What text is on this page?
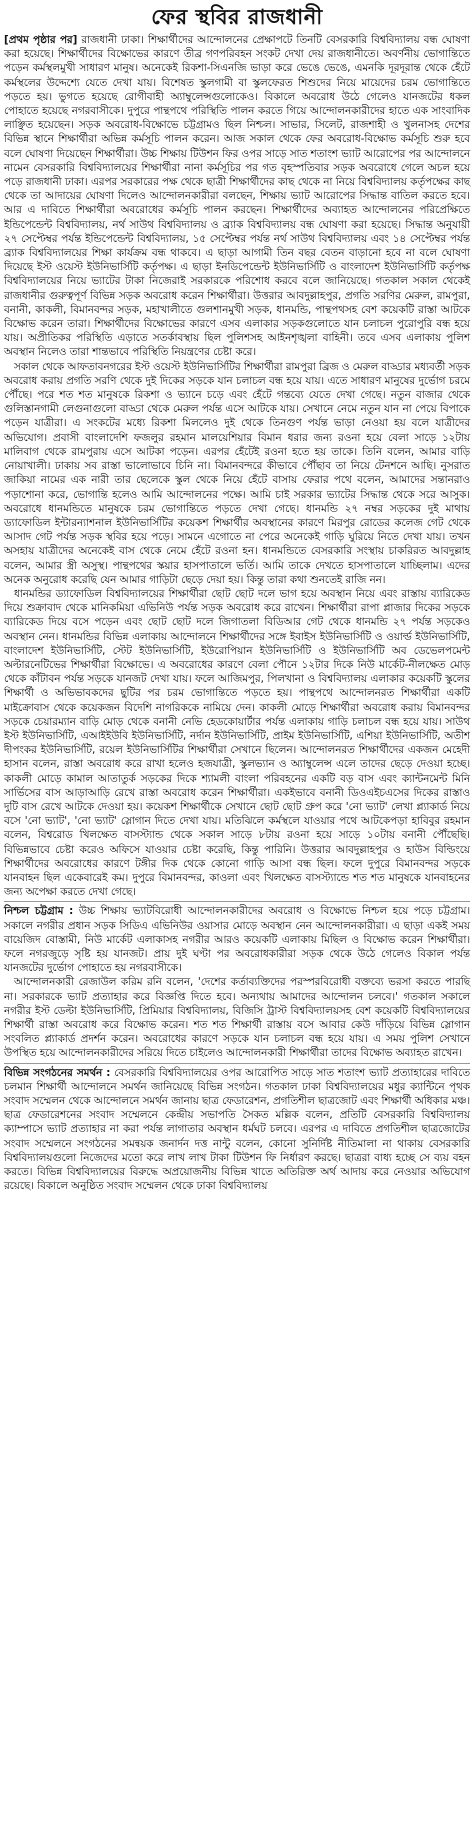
ফের স্থবির রাজধানী

[প্রথম পৃষ্ঠার পর] রাজধানী ঢাকা। শিক্ষার্থীদের আন্দোলনের প্রেক্ষাপটে তিনটি বেসরকারি বিশ্ববিদ্যালয় বন্ধ ঘোষণা করা হয়েছে। শিক্ষার্থীদের বিক্ষোভের কারণে তীব্র গণপরিবহন সংকট দেখা দেয় রাজধানীতে। অবর্ণনীয় ভোগান্তিতে পড়েন কর্মস্থলমুখী সাধারণ মানুষ। অনেকেই রিকশা-সিএনজি ভাড়া করে ভেঙে ভেঙে, এমনকি দূরদূরান্ত থেকে হেঁটে কর্মস্থলের উদ্দেশ্যে যেতে দেখা যায়। বিশেষত স্কুলগামী বা স্কুলফেরত শিশুদের নিয়ে মায়েদের চরম ভোগান্তিতে পড়তে হয়। ভুগতে হয়েছে রোগীবাহী অ্যাম্বুলেন্সগুলোকেও। বিকালে অবরোধ উঠে গেলেও যানজটের ধকল পোহাতে হয়েছে নগরবাসীকে। দুপুরে পান্থপথে পরিস্থিতি পালন করতে গিয়ে আন্দোলনকারীদের হাতে এক সাংবাদিক লাঞ্ছিত হয়েছেন। সড়ক অবরোধ-বিক্ষোভে চট্টগ্রামও ছিল নিশ্চল। সাভার, সিলেট, রাজশাহী ও খুলনাসহ দেশের বিভিন্ন স্থানে শিক্ষার্থীরা অভিন্ন কর্মসূচি পালন করেন। আজ সকাল থেকে ফের অবরোধ-বিক্ষোভ কর্মসূচি শুরু হবে বলে ঘোষণা দিয়েছেন শিক্ষার্থীরা। উচ্চ শিক্ষায় টিউশন ফির ওপর সাড়ে সাত শতাংশ ভ্যাট আরোপের পর আন্দোলনে নামেন বেসরকারি বিশ্ববিদ্যালয়ের শিক্ষার্থীরা নানা কর্মসূচির পর গত বৃহস্পতিবার সড়ক অবরোধে গেলে অচল হয়ে পড়ে রাজধানী ঢাকা। এরপর সরকারের পক্ষ থেকে ছাত্রী শিক্ষার্থীদের কাছ থেকে না নিয়ে বিশ্ববিদ্যালয় কর্তৃপক্ষের কাছ থেকে তা আদায়ের ঘোষণা দিলেও আন্দোলনকারীরা বলছেন, শিক্ষায় ভ্যাট আরোপের সিদ্ধান্ত বাতিল করতে হবে। আর এ দাবিতে শিক্ষার্থীরা অবরোধের কর্মসূচি পালন করছেন। শিক্ষার্থীদের অব্যাহত আন্দোলনের পরিপ্রেক্ষিতে ইন্ডিপেন্ডেন্ট বিশ্ববিদ্যালয়, নর্থ সাউথ বিশ্ববিদ্যালয় ও ব্র্যাক বিশ্ববিদ্যালয় বন্ধ ঘোষণা করা হয়েছে। সিদ্ধান্ত অনুযায়ী ২৭ সেপ্টেম্বর পর্যন্ত ইন্ডিপেন্ডেন্ট বিশ্ববিদ্যালয়, ১৫ সেপ্টেম্বর পর্যন্ত নর্থ সাউথ বিশ্ববিদ্যালয় এবং ১৪ সেপ্টেম্বর পর্যন্ত ব্র্যাক বিশ্ববিদ্যালয়ের শিক্ষা কার্যক্রম বন্ধ থাকবে। এ ছাড়া আগামী তিন বছর বেতন বাড়ানো হবে না বলে ঘোষণা দিয়েছে ইস্ট ওয়েস্ট ইউনিভার্সিটি কর্তৃপক্ষ। এ ছাড়া ইনডিপেন্ডেন্ট ইউনিভার্সিটি ও বাংলাদেশ ইউনিভার্সিটি কর্তৃপক্ষ বিশ্ববিদ্যালয়ের নিয়ে ভ্যাটের টাকা নিজেরাই সরকারকে পরিশোধ করবে বলে জানিয়েছে। গতকাল সকাল থেকেই রাজধানীর গুরুত্বপূর্ণ বিভিন্ন সড়ক অবরোধ করেন শিক্ষার্থীরা। উত্তরার আবদুল্লাহপুর, প্রগতি সরণির মেরুল, রামপুরা, বনানী, কাকলী, বিমানবন্দর সড়ক, মহাখালীতে গুলশানমুখী সড়ক, ধানমন্ডি, পান্থপথসহ বেশ কয়েকটি রাস্তা আটকে বিক্ষোভ করেন তারা। শিক্ষার্থীদের বিক্ষোভের কারণে এসব এলাকার সড়কগুলোতে যান চলাচল পুরোপুরি বন্ধ হয়ে যায়। অপ্রীতিকর পরিস্থিতি এড়াতে সতর্কাবস্থায় ছিল পুলিশসহ আইনশৃঙ্খলা বাহিনী। তবে এসব এলাকায় পুলিশ অবস্থান নিলেও তারা শান্তভাবে পরিস্থিতি নিয়ন্ত্রণের চেষ্টা করে।

সকাল থেকে আফতাবনগরের ইস্ট ওয়েস্ট ইউনিভার্সিটির শিক্ষার্থীরা রামপুরা ব্রিজ ও মেরুল বাড্ডার মধ্যবর্তী সড়ক অবরোধ করায় প্রগতি সরণি থেকে দুই দিকের সড়কে যান চলাচল বন্ধ হয়ে যায়। এতে সাধারণ মানুষের দুর্ভোগ চরমে পৌঁছে। পরে শত শত মানুষকে রিকশা ও ভ্যানে চড়ে এবং হেঁটে গন্তব্যে যেতে দেখা গেছে। নতুন বাজার থেকে গুলিস্তানগামী লেগুনাগুলো বাড্ডা থেকে মেরুল পর্যন্ত এসে আটকে যায়। সেখানে নেমে নতুন যান না পেয়ে বিপাকে পড়েন যাত্রীরা। এ সংকটের মধ্যে রিকশা মিললেও দুই থেকে তিনগুণ পর্যন্ত ভাড়া নেওয়া হয় বলে যাত্রীদের অভিযোগ। প্রবাসী বাংলাদেশি ফজলুর রহমান মালয়েশিয়ার বিমান ধরার জন্য রওনা হয়ে বেলা সাড়ে ১২টায় মালিবাগ থেকে রামপুরায় এসে আটকা পড়েন। এরপর হেঁটেই রওনা হতে হয় তাকে। তিনি বলেন, আমার বাড়ি নোয়াখালী। ঢাকায় সব রাস্তা ভালোভাবে চিনি না। বিমানবন্দরে কীভাবে পৌঁছাব তা নিয়ে টেনশনে আছি। নুসরাত জাকিয়া নামের এক নারী তার ছেলেকে স্কুল থেকে নিয়ে হেঁটে বাসায় ফেরার পথে বলেন, আমাদের সন্তানরাও পড়াশোনা করে, ভোগান্তি হলেও আমি আন্দোলনের পক্ষে। আমি চাই সরকার ভ্যাটের সিদ্ধান্ত থেকে সরে আসুক। অবরোধে ধানমন্ডিতে মানুষকে চরম ভোগান্তিতে পড়তে দেখা গেছে। ধানমন্ডি ২৭ নম্বর সড়কের দুই মাথায় ড্যাফোডিল ইন্টারন্যাশনাল ইউনিভার্সিটির কয়েকশ শিক্ষার্থীর অবস্থানের কারণে মিরপুর রোডের কলেজ গেট থেকে আসাদ গেট পর্যন্ত সড়ক স্থবির হয়ে পড়ে। সামনে এগোতে না পেরে অনেকেই গাড়ি ঘুরিয়ে নিতে দেখা যায়। তখন অসহায় যাত্রীদের অনেকেই বাস থেকে নেমে হেঁটে রওনা হন। ধানমন্ডিতে বেসরকারি সংস্থায় চাকরিরত আবদুল্লাহ বলেন, আমার স্ত্রী অসুস্থ। পান্থপথের স্কয়ার হাসপাতালে ভর্তি। আমি তাকে দেখতে হাসপাতালে যাচ্ছিলাম। এদের অনেক অনুরোধ করেছি যেন আমার গাড়িটা ছেড়ে দেয়া হয়। কিন্তু তারা কথা শুনতেই রাজি নন।

ধানমন্ডির ড্যাফোডিল বিশ্ববিদ্যালয়ের শিক্ষার্থীরা ছোট ছোট দলে ভাগ হয়ে অবস্থান নিয়ে এবং রাস্তায় ব্যারিকেড দিয়ে শুক্রাবাদ থেকে মানিকমিয়া এভিনিউ পর্যন্ত সড়ক অবরোধ করে রাখেন। শিক্ষার্থীরা রাপা প্লাজার দিকের সড়কে ব্যারিকেড দিয়ে বসে পড়েন এবং ছোট ছোট দলে জিগাতলা বিডিআর গেট থেকে ধানমন্ডি ২৭ পর্যন্ত সড়কেও অবস্থান নেন। ধানমন্ডির বিভিন্ন এলাকায় আন্দোলনে শিক্ষার্থীদের সঙ্গে ইবাইস ইউনিভার্সিটি ও ওয়ার্ল্ড ইউনিভার্সিটি, বাংলাদেশ ইউনিভার্সিটি, স্টেট ইউনিভার্সিটি, ইউরোপিয়ান ইউনিভার্সিটি ও ইউনিভার্সিটি অব ডেভেলপমেন্ট অল্টারনেটিভের শিক্ষার্থীরা বিক্ষোভে। এ অবরোধের কারণে বেলা পৌনে ১২টার দিকে নিউ মার্কেট-নীলক্ষেত মোড় থেকে কাঁটাবন পর্যন্ত সড়কে যানজট দেখা যায়। ফলে আজিমপুর, পিলখানা ও বিশ্ববিদ্যালয় এলাকার কয়েকটি স্কুলের শিক্ষার্থী ও অভিভাবকদের ছুটির পর চরম ভোগান্তিতে পড়তে হয়। পান্থপথে আন্দোলনরত শিক্ষার্থীরা একটি মাইক্রোবাস থেকে কয়েকজন বিদেশি নাগরিককে নামিয়ে দেন। কাকলী মোড়ে শিক্ষার্থীরা অবরোধ করায় বিমানবন্দর সড়কে চেয়ারম্যান বাড়ি মোড় থেকে বনানী নেভি হেডকোয়ার্টার পর্যন্ত এলাকায় গাড়ি চলাচল বন্ধ হয়ে যায়। সাউথ ইস্ট ইউনিভার্সিটি, এআইইউবি ইউনিভার্সিটি, নর্দান ইউনিভার্সিটি, প্রাইম ইউনিভার্সিটি, এশিয়া ইউনিভার্সিটি, অতীশ দীপংকর ইউনিভার্সিটি, রয়েল ইউনিভার্সিটির শিক্ষার্থীরা সেখানে ছিলেন। আন্দোলনরত শিক্ষার্থীদের একজন মেহেদী হাসান বলেন, রাস্তা অবরোধ করে রাখা হলেও হজযাত্রী, স্কুলভ্যান ও অ্যাম্বুলেন্স এলে তাদের ছেড়ে দেওয়া হচ্ছে। কাকলী মোড়ে কামাল আতাতুর্ক সড়কের দিকে শ্যামলী বাংলা পরিবহনের একটি বড় বাস এবং ক্যান্টনমেন্ট মিনি সার্ভিসের বাস আড়াআড়ি রেখে রাস্তা অবরোধ করেন শিক্ষার্থীরা। একইভাবে বনানী ডিওএইচএসের দিকের রাস্তাও দুটি বাস রেখে আটকে দেওয়া হয়। কয়েকশ শিক্ষার্থীকে সেখানে ছোট ছোট গ্রুপ করে 'নো ভ্যাট' লেখা প্ল্যাকার্ড নিয়ে বসে 'নো ভ্যাট', 'নো ভ্যাট' স্লোগান দিতে দেখা যায়। মতিঝিলে কর্মস্থলে যাওয়ার পথে আটকেপড়া হাবিবুর রহমান বলেন, বিশ্বরোড খিলক্ষেত বাসস্ট্যান্ড থেকে সকাল সাড়ে ৮টায় রওনা হয়ে সাড়ে ১০টায় বনানী পৌঁছেছি। বিভিন্নভাবে চেষ্টা করেও অফিসে যাওয়ার চেষ্টা করেছি, কিন্তু পারিনি। উত্তরার আবদুল্লাহপুর ও হাউস বিল্ডিংয়ে শিক্ষার্থীদের অবরোধের কারণে টঙ্গীর দিক থেকে কোনো গাড়ি আসা বন্ধ ছিল। ফলে দুপুরে বিমানবন্দর সড়কে যানবাহন ছিল একেবারেই কম। দুপুরে বিমানবন্দর, কাওলা এবং খিলক্ষেত বাসস্ট্যান্ডে শত শত মানুষকে যানবাহনের জন্য অপেক্ষা করতে দেখা গেছে।

নিশ্চল চট্টগ্রাম : উচ্চ শিক্ষায় ভ্যাটবিরোধী আন্দোলনকারীদের অবরোধ ও বিক্ষোভে নিশ্চল হয়ে পড়ে চট্টগ্রাম। সকালে নগরীর প্রধান সড়ক সিডিএ এভিনিউর ওয়াসার মোড়ে অবস্থান নেন আন্দোলনকারীরা। এ ছাড়া একই সময় বায়েজিদ বোস্তামী, নিউ মার্কেট এলাকাসহ নগরীর আরও কয়েকটি এলাকায় মিছিল ও বিক্ষোভ করেন শিক্ষার্থীরা। ফলে নগরজুড়ে সৃষ্টি হয় যানজট। প্রায় দুই ঘণ্টা পর অবরোধকারীরা সড়ক থেকে উঠে গেলেও বিকাল পর্যন্ত যানজটের দুর্ভোগ পোহাতে হয় নগরবাসীকে।

আন্দোলনকারী রেজাউল করিম রনি বলেন, 'দেশের কর্তাব্যক্তিদের পরস্পরবিরোধী বক্তব্যে ভরসা করতে পারছি না। সরকারকে ভ্যাট প্রত্যাহার করে বিজ্ঞপ্তি দিতে হবে। অন্যথায় আমাদের আন্দোলন চলবে।' গতকাল সকালে নগরীর ইস্ট ডেল্টা ইউনিভার্সিটি, প্রিমিয়ার বিশ্ববিদ্যালয়, বিজিসি ট্রাস্ট বিশ্ববিদ্যালয়সহ বেশ কয়েকটি বিশ্ববিদ্যালয়ের শিক্ষার্থী রাস্তা অবরোধ করে বিক্ষোভ করেন। শত শত শিক্ষার্থী রাস্তায় বসে আবার কেউ দাঁড়িয়ে বিভিন্ন স্লোগান সংবলিত প্ল্যাকার্ড প্রদর্শন করেন। অবরোধের কারণে সড়কে যান চলাচল বন্ধ হয়ে যায়। এ সময় পুলিশ সেখানে উপস্থিত হয়ে আন্দোলনকারীদের সরিয়ে দিতে চাইলেও আন্দোলনকারী শিক্ষার্থীরা তাদের বিক্ষোভ অব্যাহত রাখেন।

বিভিন্ন সংগঠনের সমর্থন : বেসরকারি বিশ্ববিদ্যালয়ের ওপর আরোপিত সাড়ে সাত শতাংশ ভ্যাট প্রত্যাহারের দাবিতে চলমান শিক্ষার্থী আন্দোলনে সমর্থন জানিয়েছে বিভিন্ন সংগঠন। গতকাল ঢাকা বিশ্ববিদ্যালয়ের মধুর ক্যান্টিনে পৃথক সংবাদ সম্মেলন থেকে আন্দোলনে সমর্থন জানায় ছাত্র ফেডারেশন, প্রগতিশীল ছাত্রজোট এবং শিক্ষার্থী অধিকার মঞ্চ। ছাত্র ফেডারেশনের সংবাদ সম্মেলনে কেন্দ্রীয় সভাপতি সৈকত মল্লিক বলেন, প্রতিটি বেসরকারি বিশ্ববিদ্যালয় ক্যাম্পাসে ভ্যাট প্রত্যাহার না করা পর্যন্ত লাগাতার অবস্থান ধর্মঘট চলবে। এরপর এ দাবিতে প্রগতিশীল ছাত্রজোটের সংবাদ সম্মেলনে সংগঠনের সমন্বয়ক জনার্দন দত্ত নান্টু বলেন, কোনো সুনির্দিষ্ট নীতিমালা না থাকায় বেসরকারি বিশ্ববিদ্যালয়গুলো নিজেদের মতো করে লাখ লাখ টাকা টিউশন ফি নির্ধারণ করছে। ছাত্ররা বাধ্য হচ্ছে সে ব্যয় বহন করতে। বিভিন্ন বিশ্ববিদ্যালয়ের বিরুদ্ধে অপ্রয়োজনীয় বিভিন্ন খাতে অতিরিক্ত অর্থ আদায় করে নেওয়ার অভিযোগ রয়েছে। বিকালে অনুষ্ঠিত সংবাদ সম্মেলন থেকে ঢাকা বিশ্ববিদ্যালয়
